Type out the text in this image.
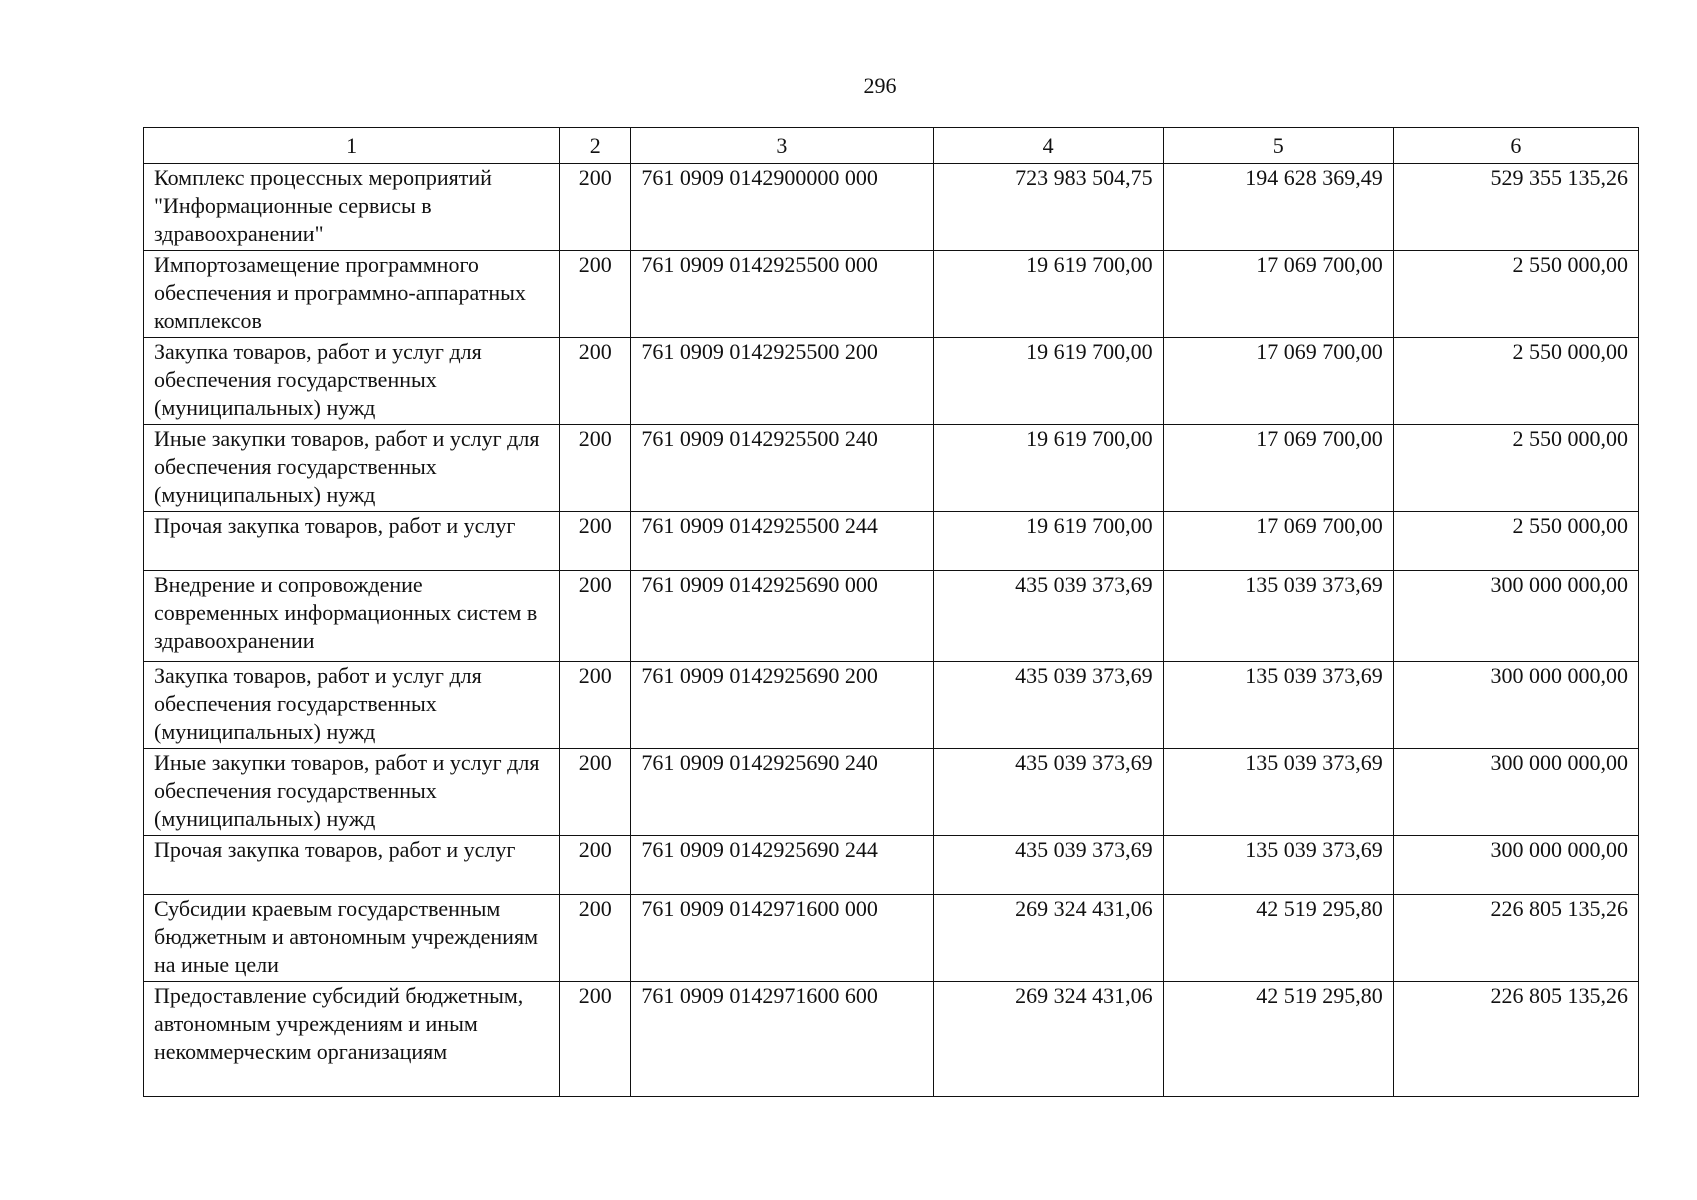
296
1	2	3	4	5	6
Комплекс процессных мероприятий "Информационные сервисы в здравоохранении"	200	761 0909 0142900000 000	723 983 504,75	194 628 369,49	529 355 135,26
Импортозамещение программного обеспечения и программно-аппаратных комплексов	200	761 0909 0142925500 000	19 619 700,00	17 069 700,00	2 550 000,00
Закупка товаров, работ и услуг для обеспечения государственных (муниципальных) нужд	200	761 0909 0142925500 200	19 619 700,00	17 069 700,00	2 550 000,00
Иные закупки товаров, работ и услуг для обеспечения государственных (муниципальных) нужд	200	761 0909 0142925500 240	19 619 700,00	17 069 700,00	2 550 000,00
Прочая закупка товаров, работ и услуг	200	761 0909 0142925500 244	19 619 700,00	17 069 700,00	2 550 000,00
Внедрение и сопровождение современных информационных систем в здравоохранении	200	761 0909 0142925690 000	435 039 373,69	135 039 373,69	300 000 000,00
Закупка товаров, работ и услуг для обеспечения государственных (муниципальных) нужд	200	761 0909 0142925690 200	435 039 373,69	135 039 373,69	300 000 000,00
Иные закупки товаров, работ и услуг для обеспечения государственных (муниципальных) нужд	200	761 0909 0142925690 240	435 039 373,69	135 039 373,69	300 000 000,00
Прочая закупка товаров, работ и услуг	200	761 0909 0142925690 244	435 039 373,69	135 039 373,69	300 000 000,00
Субсидии краевым государственным бюджетным и автономным учреждениям на иные цели	200	761 0909 0142971600 000	269 324 431,06	42 519 295,80	226 805 135,26
Предоставление субсидий бюджетным, автономным учреждениям и иным некоммерческим организациям	200	761 0909 0142971600 600	269 324 431,06	42 519 295,80	226 805 135,26
